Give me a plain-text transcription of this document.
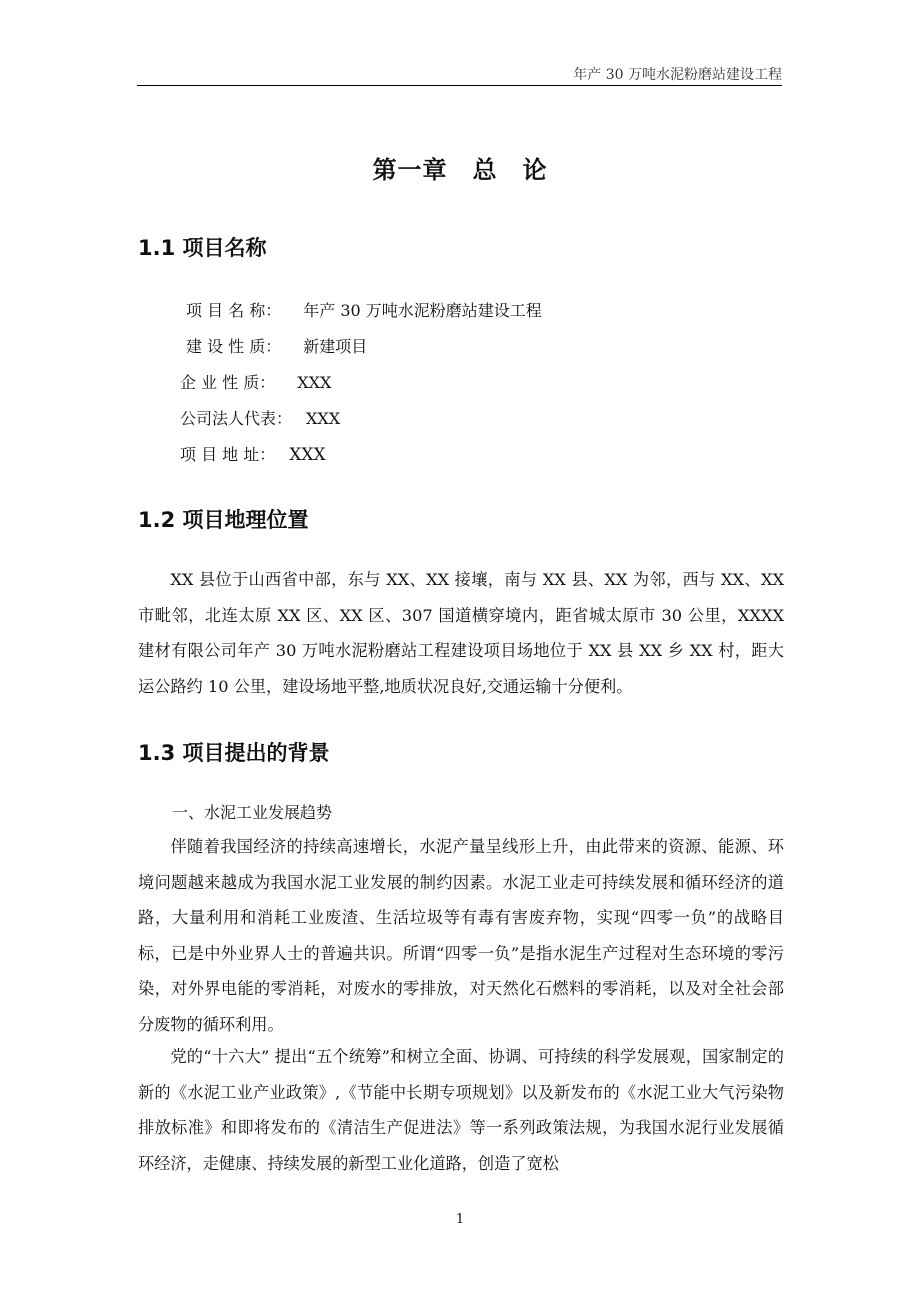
年产 30 万吨水泥粉磨站建设工程
第一章　总　论
1.1 项目名称
项 目 名 称： 年产 30 万吨水泥粉磨站建设工程
建 设 性 质： 新建项目
企 业 性 质： XXX
公司法人代表： XXX
项 目 地 址： XXX
1.2 项目地理位置
XX 县位于山西省中部，东与 XX、XX 接壤，南与 XX 县、XX 为邻，西与 XX、XX 市毗邻，北连太原 XX 区、XX 区、307 国道横穿境内，距省城太原市 30 公里，XXXX 建材有限公司年产 30 万吨水泥粉磨站工程建设项目场地位于 XX 县 XX 乡 XX 村，距大运公路约 10 公里，建设场地平整,地质状况良好,交通运输十分便利。
1.3 项目提出的背景
一、水泥工业发展趋势
伴随着我国经济的持续高速增长，水泥产量呈线形上升，由此带来的资源、能源、环境问题越来越成为我国水泥工业发展的制约因素。水泥工业走可持续发展和循环经济的道路，大量利用和消耗工业废渣、生活垃圾等有毒有害废弃物，实现“四零一负”的战略目标，已是中外业界人士的普遍共识。所谓“四零一负”是指水泥生产过程对生态环境的零污染，对外界电能的零消耗，对废水的零排放，对天然化石燃料的零消耗，以及对全社会部分废物的循环利用。
党的“十六大” 提出“五个统筹”和树立全面、协调、可持续的科学发展观，国家制定的新的《水泥工业产业政策》,《节能中长期专项规划》以及新发布的《水泥工业大气污染物排放标准》和即将发布的《清洁生产促进法》等一系列政策法规，为我国水泥行业发展循环经济，走健康、持续发展的新型工业化道路，创造了宽松
1
